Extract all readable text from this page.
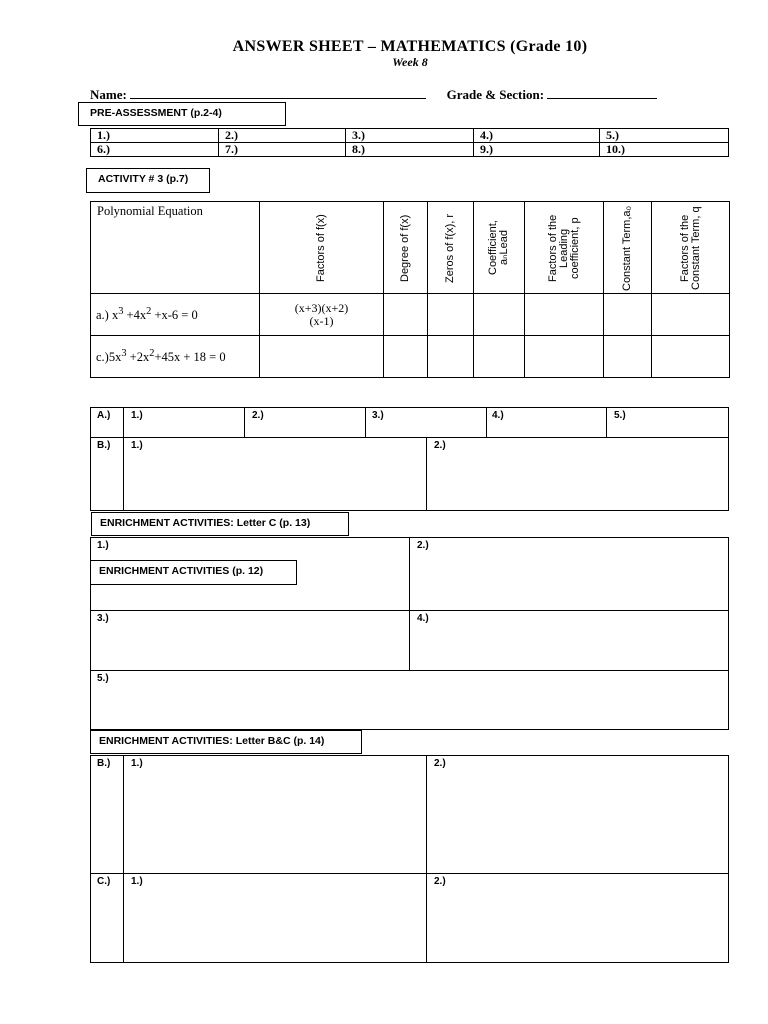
ANSWER SHEET – MATHEMATICS (Grade 10)
Week 8
Name:	Grade & Section:
PRE-ASSESSMENT (p.2-4)
1.)	2.)	3.)	4.)	5.)
6.)	7.)	8.)	9.)	10.)
ACTIVITY # 3 (p.7)
Polynomial Equation	Factors of f(x)	Degree of f(x)	Zeros of f(x), r	Coefficient, aₙLead	Factors of the
Leading
coefficient, p	Constant Term,a₀	Factors of the
Constant Term, q

a.) $x^3 +4x^2 +x-6 = 0$	(x+3)(x+2)
(x-1)						
$c.)5x^3 +2x^2+45x + 18 = 0$							
A.) 1.)	2.)	3.)	4.)	5.)
B.) 1.)	2.)
ENRICHMENT ACTIVITIES: Letter C (p. 13)
1.)	2.)
3.)	4.)
5.)
ENRICHMENT ACTIVITIES (p. 12)
ENRICHMENT ACTIVITIES: Letter B&C (p. 14)
B.) 1.)	2.)
C.) 1.)	2.)
